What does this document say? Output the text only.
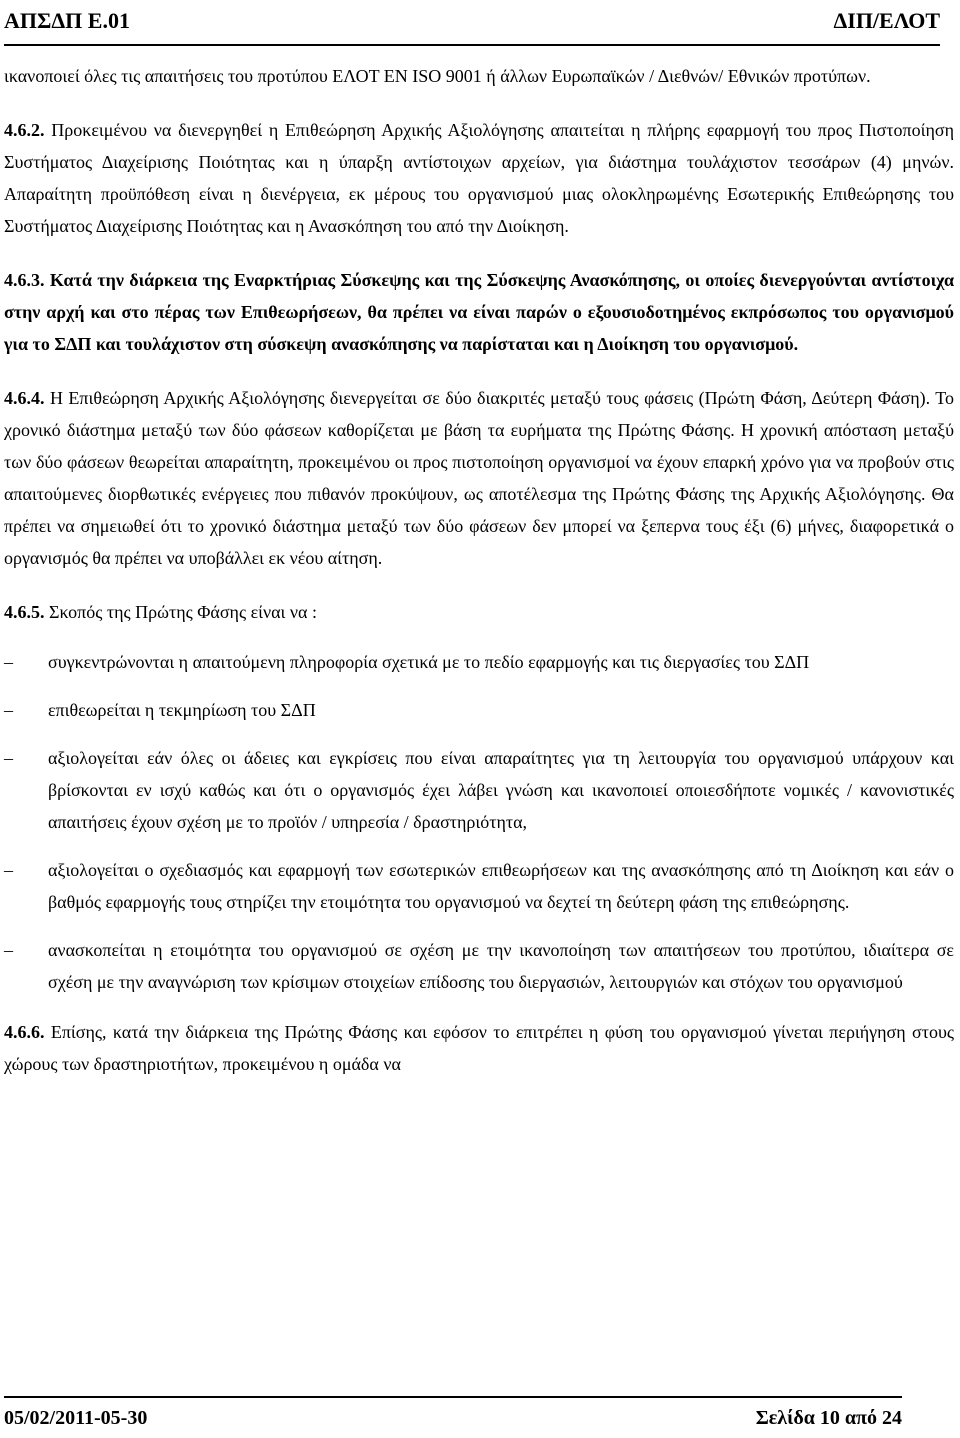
ΑΠΣΔΠ Ε.01	ΔΙΠ/ΕΛΟΤ

ικανοποιεί όλες τις απαιτήσεις του προτύπου ΕΛΟΤ ΕΝ ISO 9001 ή άλλων Ευρωπαϊκών / Διεθνών/ Εθνικών προτύπων.

4.6.2. Προκειμένου να διενεργηθεί η Επιθεώρηση Αρχικής Αξιολόγησης απαιτείται η πλήρης εφαρμογή του προς Πιστοποίηση Συστήματος Διαχείρισης Ποιότητας και η ύπαρξη αντίστοιχων αρχείων, για διάστημα τουλάχιστον τεσσάρων (4) μηνών. Απαραίτητη προϋπόθεση είναι η διενέργεια, εκ μέρους του οργανισμού μιας ολοκληρωμένης Εσωτερικής Επιθεώρησης του Συστήματος Διαχείρισης Ποιότητας και η Ανασκόπηση του από την Διοίκηση.

4.6.3. Κατά την διάρκεια της Εναρκτήριας Σύσκεψης και της Σύσκεψης Ανασκόπησης, οι οποίες διενεργούνται αντίστοιχα στην αρχή και στο πέρας των Επιθεωρήσεων, θα πρέπει να είναι παρών ο εξουσιοδοτημένος εκπρόσωπος του οργανισμού για το ΣΔΠ και τουλάχιστον στη σύσκεψη ανασκόπησης να παρίσταται και η Διοίκηση του οργανισμού.

4.6.4. Η Επιθεώρηση Αρχικής Αξιολόγησης διενεργείται σε δύο διακριτές μεταξύ τους φάσεις (Πρώτη Φάση, Δεύτερη Φάση). Το χρονικό διάστημα μεταξύ των δύο φάσεων καθορίζεται με βάση τα ευρήματα της Πρώτης Φάσης. Η χρονική απόσταση μεταξύ των δύο φάσεων θεωρείται απαραίτητη, προκειμένου οι προς πιστοποίηση οργανισμοί να έχουν επαρκή χρόνο για να προβούν στις απαιτούμενες διορθωτικές ενέργειες που πιθανόν προκύψουν, ως αποτέλεσμα της Πρώτης Φάσης της Αρχικής Αξιολόγησης. Θα πρέπει να σημειωθεί ότι το χρονικό διάστημα μεταξύ των δύο φάσεων δεν μπορεί να ξεπερνα τους έξι (6) μήνες, διαφορετικά ο οργανισμός θα πρέπει να υποβάλλει εκ νέου αίτηση.

4.6.5. Σκοπός της Πρώτης Φάσης είναι να :

– συγκεντρώνονται η απαιτούμενη πληροφορία σχετικά με το πεδίο εφαρμογής και τις διεργασίες του ΣΔΠ
– επιθεωρείται η τεκμηρίωση του ΣΔΠ
– αξιολογείται εάν όλες οι άδειες και εγκρίσεις που είναι απαραίτητες για τη λειτουργία του οργανισμού υπάρχουν και βρίσκονται εν ισχύ καθώς και ότι ο οργανισμός έχει λάβει γνώση και ικανοποιεί οποιεσδήποτε νομικές / κανονιστικές απαιτήσεις έχουν σχέση με το προϊόν / υπηρεσία / δραστηριότητα,
– αξιολογείται ο σχεδιασμός και εφαρμογή των εσωτερικών επιθεωρήσεων και της ανασκόπησης από τη Διοίκηση και εάν ο βαθμός εφαρμογής τους στηρίζει την ετοιμότητα του οργανισμού να δεχτεί τη δεύτερη φάση της επιθεώρησης.
– ανασκοπείται η ετοιμότητα του οργανισμού σε σχέση με την ικανοποίηση των απαιτήσεων του προτύπου, ιδιαίτερα σε σχέση με την αναγνώριση των κρίσιμων στοιχείων επίδοσης του διεργασιών, λειτουργιών και στόχων του οργανισμού

4.6.6. Επίσης, κατά την διάρκεια της Πρώτης Φάσης και εφόσον το επιτρέπει η φύση του οργανισμού γίνεται περιήγηση στους χώρους των δραστηριοτήτων, προκειμένου η ομάδα να

05/02/2011-05-30	Σελίδα 10 από 24
